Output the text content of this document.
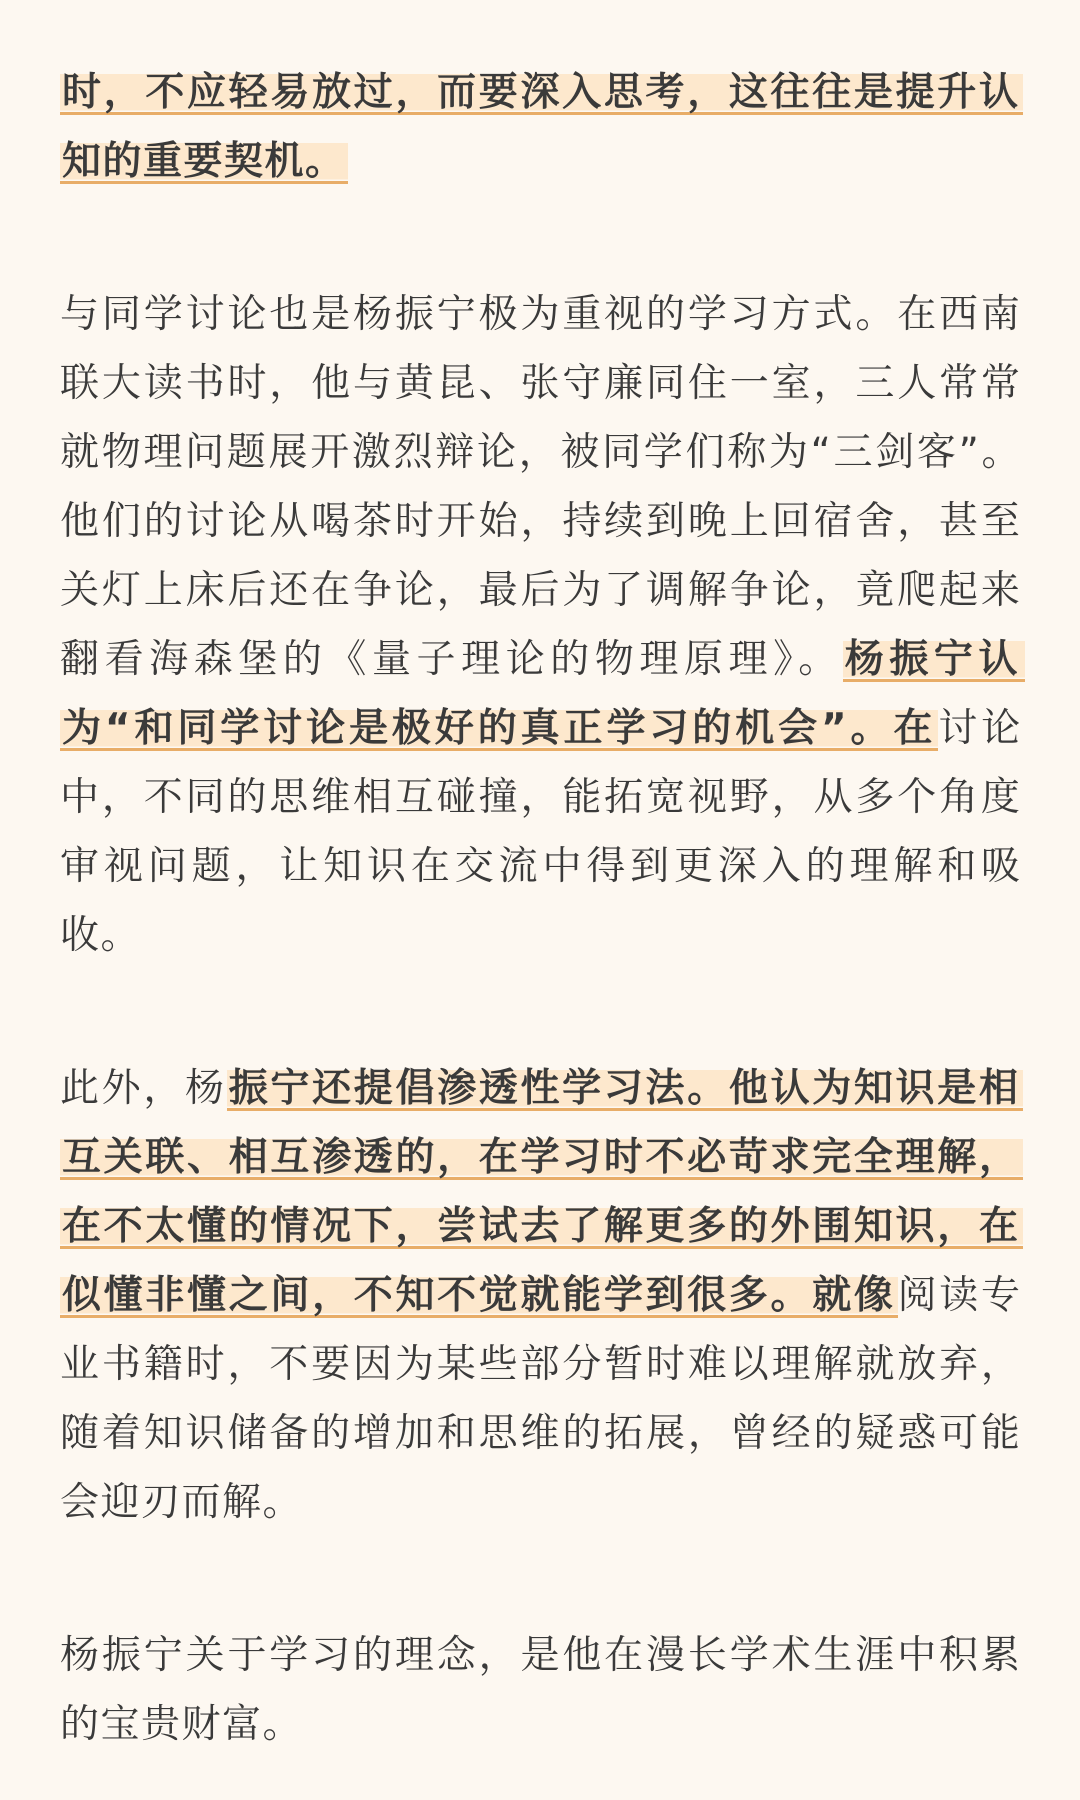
时，不应轻易放过，而要深入思考，这往往是提升认
知的重要契机。
与同学讨论也是杨振宁极为重视的学习方式。在西南
联大读书时，他与黄昆、张守廉同住一室，三人常常
就物理问题展开激烈辩论，被同学们称为“三剑客”。
他们的讨论从喝茶时开始，持续到晚上回宿舍，甚至
关灯上床后还在争论，最后为了调解争论，竟爬起来
翻看海森堡的《量子理论的物理原理》。杨振宁认
为“和同学讨论是极好的真正学习的机会”。在讨论
中，不同的思维相互碰撞，能拓宽视野，从多个角度
审视问题，让知识在交流中得到更深入的理解和吸
收。
此外，杨振宁还提倡渗透性学习法。他认为知识是相
互关联、相互渗透的，在学习时不必苛求完全理解，
在不太懂的情况下，尝试去了解更多的外围知识，在
似懂非懂之间，不知不觉就能学到很多。就像阅读专
业书籍时，不要因为某些部分暂时难以理解就放弃，
随着知识储备的增加和思维的拓展，曾经的疑惑可能
会迎刃而解。
杨振宁关于学习的理念，是他在漫长学术生涯中积累
的宝贵财富。
